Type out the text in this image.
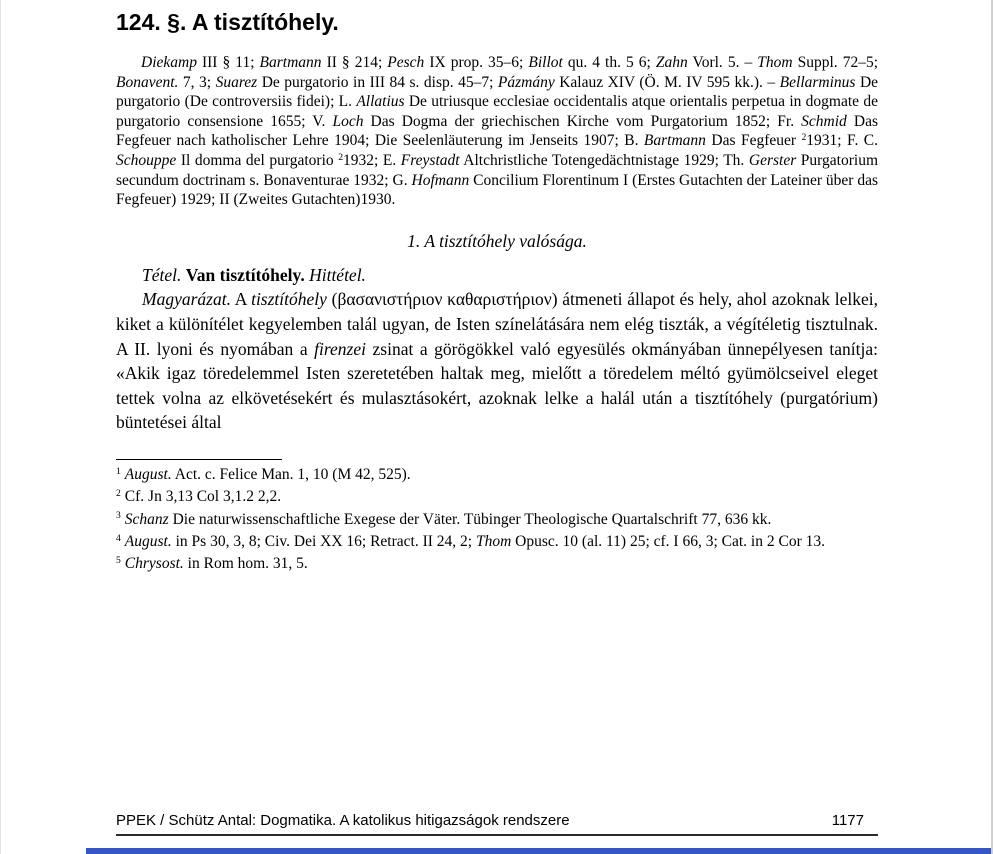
124. §. A tisztítóhely.

Diekamp III § 11; Bartmann II § 214; Pesch IX prop. 35–6; Billot qu. 4 th. 5 6; Zahn Vorl. 5. – Thom Suppl. 72–5; Bonavent. 7, 3; Suarez De purgatorio in III 84 s. disp. 45–7; Pázmány Kalauz XIV (Ö. M. IV 595 kk.). – Bellarminus De purgatorio (De controversiis fidei); L. Allatius De utriusque ecclesiae occidentalis atque orientalis perpetua in dogmate de purgatorio consensione 1655; V. Loch Das Dogma der griechischen Kirche vom Purgatorium 1852; Fr. Schmid Das Fegfeuer nach katholischer Lehre 1904; Die Seelenläuterung im Jenseits 1907; B. Bartmann Das Fegfeuer $^2$1931; F. C. Schouppe Il domma del purgatorio $^2$1932; E. Freystadt Altchristliche Totengedächtnistage 1929; Th. Gerster Purgatorium secundum doctrinam s. Bonaventurae 1932; G. Hofmann Concilium Florentinum I (Erstes Gutachten der Lateiner über das Fegfeuer) 1929; II (Zweites Gutachten)1930.

1. A tisztítóhely valósága.

Tétel. Van tisztítóhely. Hittétel.

Magyarázat. A tisztítóhely (βασανιστήριον καθαριστήριον) átmeneti állapot és hely, ahol azoknak lelkei, kiket a különítélet kegyelemben talál ugyan, de Isten színelátására nem elég tiszták, a végítéletig tisztulnak. A II. lyoni és nyomában a firenzei zsinat a görögökkel való egyesülés okmányában ünnepélyesen tanítja: «Akik igaz töredelemmel Isten szeretetében haltak meg, mielőtt a töredelem méltó gyümölcseivel eleget tettek volna az elkövetésekért és mulasztásokért, azoknak lelke a halál után a tisztítóhely (purgatórium) büntetései által

$^1$ August. Act. c. Felice Man. 1, 10 (M 42, 525).
$^2$ Cf. Jn 3,13 Col 3,1.2 2,2.
$^3$ Schanz Die naturwissenschaftliche Exegese der Väter. Tübinger Theologische Quartalschrift 77, 636 kk.
$^4$ August. in Ps 30, 3, 8; Civ. Dei XX 16; Retract. II 24, 2; Thom Opusc. 10 (al. 11) 25; cf. I 66, 3; Cat. in 2 Cor 13.
$^5$ Chrysost. in Rom hom. 31, 5.
PPEK / Schütz Antal: Dogmatika. A katolikus hitigazságok rendszere	1177
